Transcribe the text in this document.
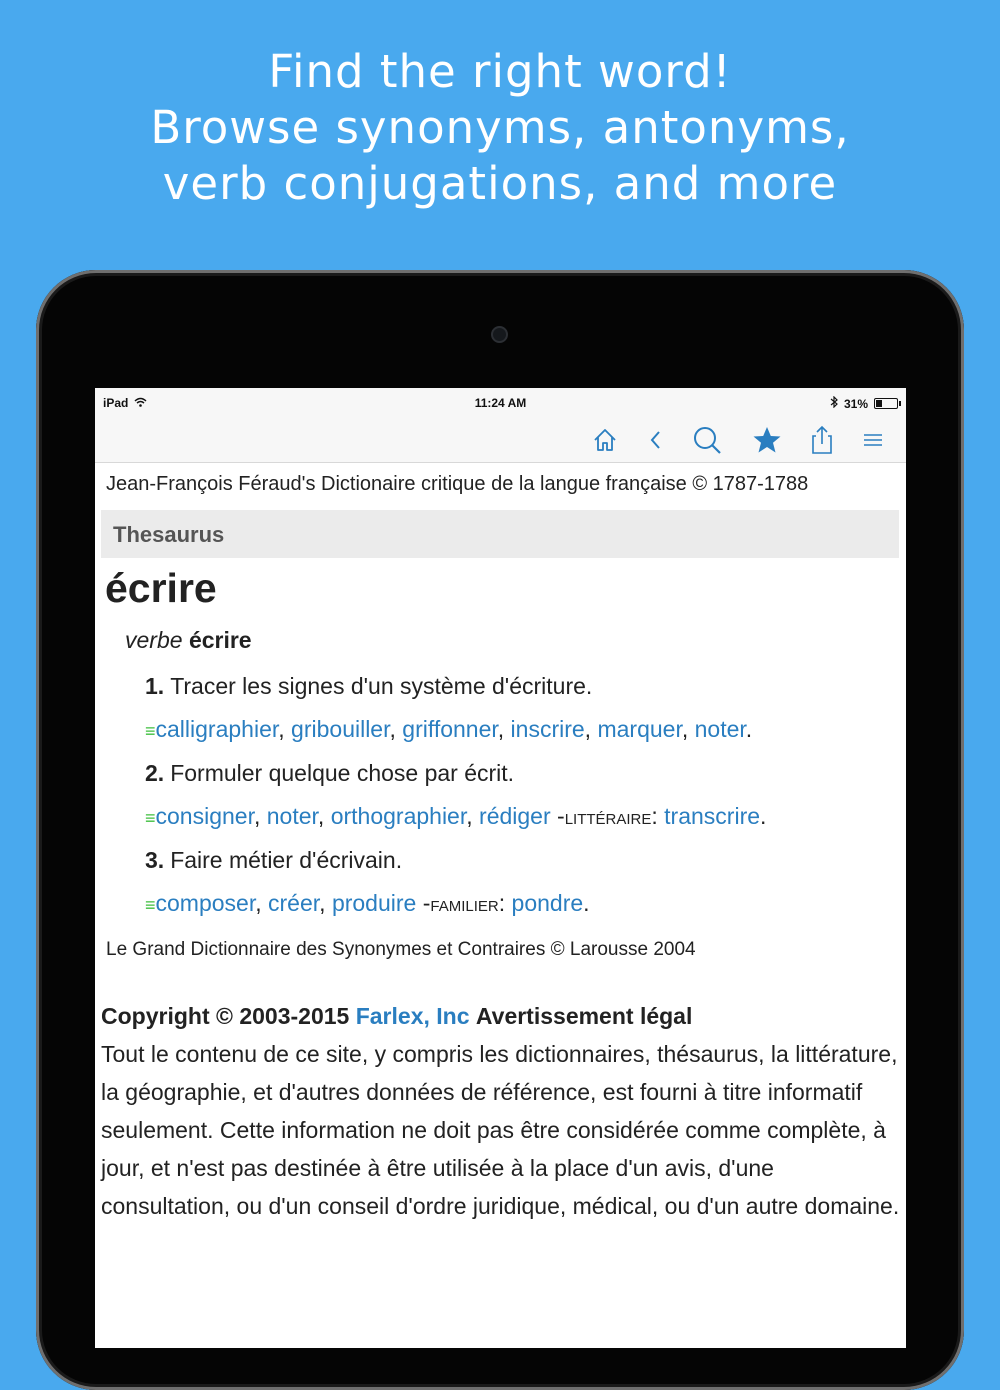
Find the right word!
Browse synonyms, antonyms,
verb conjugations, and more
iPad	11:24 AM	31%
Jean-François Féraud's Dictionaire critique de la langue française © 1787-1788
Thesaurus
écrire
verbe écrire
1. Tracer les signes d'un système d'écriture.
≡calligraphier, gribouiller, griffonner, inscrire, marquer, noter.
2. Formuler quelque chose par écrit.
≡consigner, noter, orthographier, rédiger -LITTÉRAIRE: transcrire.
3. Faire métier d'écrivain.
≡composer, créer, produire -FAMILIER: pondre.
Le Grand Dictionnaire des Synonymes et Contraires © Larousse 2004
Copyright © 2003-2015 Farlex, Inc Avertissement légal
Tout le contenu de ce site, y compris les dictionnaires, thésaurus, la littérature, la géographie, et d'autres données de référence, est fourni à titre informatif seulement. Cette information ne doit pas être considérée comme complète, à jour, et n'est pas destinée à être utilisée à la place d'un avis, d'une consultation, ou d'un conseil d'ordre juridique, médical, ou d'un autre domaine.
